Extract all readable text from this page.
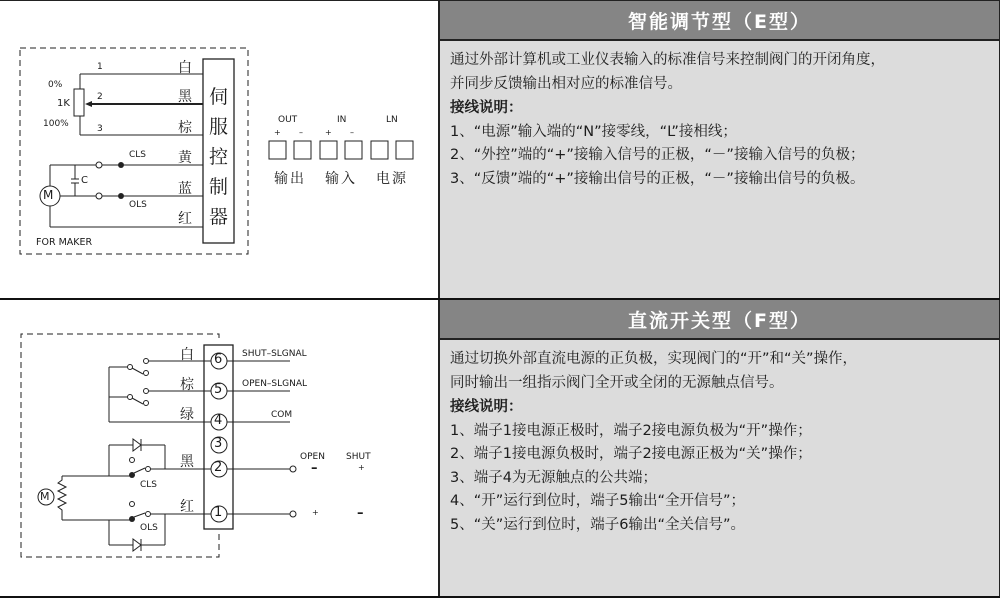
0%
1K
100%
1
2
3
白
黑
棕
黄
蓝
红
伺
服
控
制
器
CLS
OLS
C
M
FOR MAKER
OUT	IN	LN
+ –	+ –
输出 输入 电源
智能调节型（E型）

通过外部计算机或工业仪表输入的标准信号来控制阀门的开闭角度，

并同步反馈输出相对应的标准信号。

接线说明：

1、“电源”输入端的“N”接零线，“L”接相线；

2、“外控”端的“+”接输入信号的正极，“－”接输入信号的负极；

3、“反馈”端的“+”接输出信号的正极，“－”接输出信号的负极。

白
棕
绿
黑
红
6
5
4
3
2
1
SHUT–SLGNAL
OPEN–SLGNAL
COM
CLS
OLS
M
OPEN SHUT
–	+
+	–
直流开关型（F型）

通过切换外部直流电源的正负极，实现阀门的“开”和“关”操作，

同时输出一组指示阀门全开或全闭的无源触点信号。

接线说明：

1、端子1接电源正极时，端子2接电源负极为“开”操作；

2、端子1接电源负极时，端子2接电源正极为“关”操作；

3、端子4为无源触点的公共端；

4、“开”运行到位时，端子5输出“全开信号”；

5、“关”运行到位时，端子6输出“全关信号”。
